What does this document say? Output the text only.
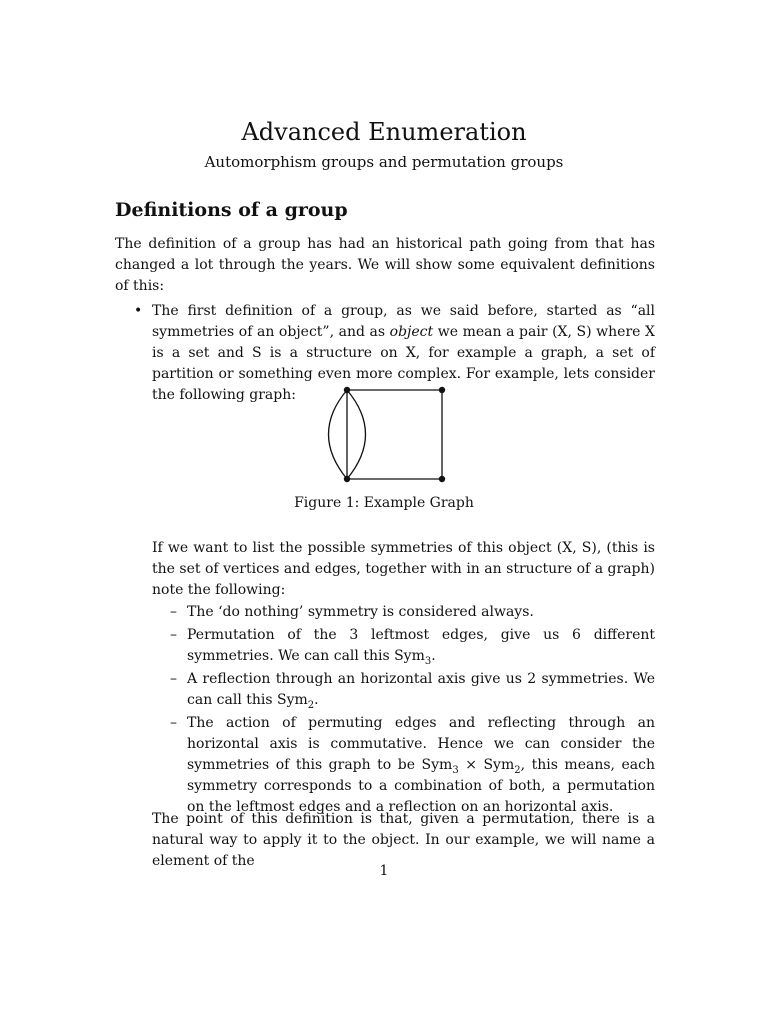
Advanced Enumeration
Automorphism groups and permutation groups
Definitions of a group
The definition of a group has had an historical path going from that has changed a lot through the years. We will show some equivalent definitions of this:
• The first definition of a group, as we said before, started as “all symmetries of an object”, and as object we mean a pair (X, S) where X is a set and S is a structure on X, for example a graph, a set of partition or something even more complex. For example, lets consider the following graph:
Figure 1: Example Graph
If we want to list the possible symmetries of this object (X, S), (this is the set of vertices and edges, together with in an structure of a graph) note the following:
– The ‘do nothing’ symmetry is considered always.
– Permutation of the 3 leftmost edges, give us 6 different symmetries. We can call this Sym$_3$.
– A reflection through an horizontal axis give us 2 symmetries. We can call this Sym$_2$.
– The action of permuting edges and reflecting through an horizontal axis is commutative. Hence we can consider the symmetries of this graph to be Sym$_3$ × Sym$_2$, this means, each symmetry corresponds to a combination of both, a permutation on the leftmost edges and a reflection on an horizontal axis.
The point of this definition is that, given a permutation, there is a natural way to apply it to the object. In our example, we will name a element of the
1
